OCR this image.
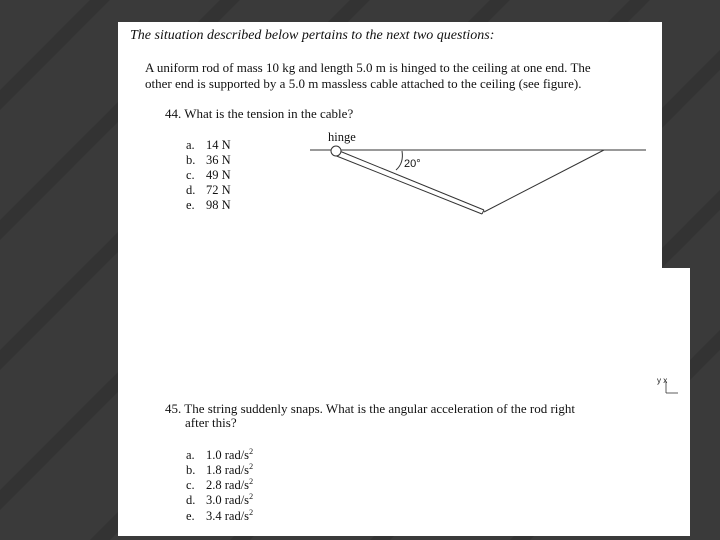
The situation described below pertains to the next two questions:
A uniform rod of mass 10 kg and length 5.0 m is hinged to the ceiling at one end. The
other end is supported by a 5.0 m massless cable attached to the ceiling (see figure).
44. What is the tension in the cable?
a. 14 N
b. 36 N
c. 49 N
d. 72 N
e. 98 N
hinge
20°
y x
45. The string suddenly snaps. What is the angular acceleration of the rod right
after this?
a. 1.0 rad/$s^2$
b. 1.8 rad/$s^2$
c. 2.8 rad/$s^2$
d. 3.0 rad/$s^2$
e. 3.4 rad/$s^2$
